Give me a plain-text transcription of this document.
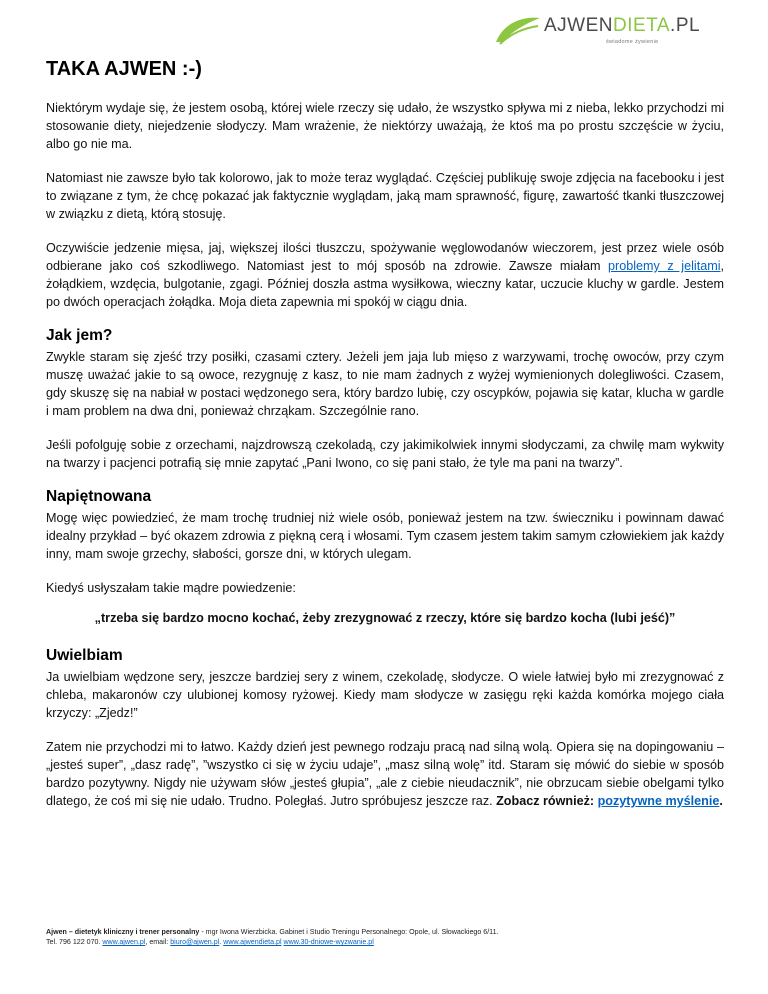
AJWENDIETA.PL
świadome żywienie
TAKA AJWEN :-)

Niektórym wydaje się, że jestem osobą, której wiele rzeczy się udało, że wszystko spływa mi z nieba, lekko przychodzi mi stosowanie diety, niejedzenie słodyczy. Mam wrażenie, że niektórzy uważają, że ktoś ma po prostu szczęście w życiu, albo go nie ma.

Natomiast nie zawsze było tak kolorowo, jak to może teraz wyglądać. Częściej publikuję swoje zdjęcia na facebooku i jest to związane z tym, że chcę pokazać jak faktycznie wyglądam, jaką mam sprawność, figurę, zawartość tkanki tłuszczowej w związku z dietą, którą stosuję.

Oczywiście jedzenie mięsa, jaj, większej ilości tłuszczu, spożywanie węglowodanów wieczorem, jest przez wiele osób odbierane jako coś szkodliwego. Natomiast jest to mój sposób na zdrowie. Zawsze miałam problemy z jelitami, żołądkiem, wzdęcia, bulgotanie, zgagi. Później doszła astma wysiłkowa, wieczny katar, uczucie kluchy w gardle. Jestem po dwóch operacjach żołądka. Moja dieta zapewnia mi spokój w ciągu dnia.

Jak jem?

Zwykle staram się zjeść trzy posiłki, czasami cztery. Jeżeli jem jaja lub mięso z warzywami, trochę owoców, przy czym muszę uważać jakie to są owoce, rezygnuję z kasz, to nie mam żadnych z wyżej wymienionych dolegliwości. Czasem, gdy skuszę się na nabiał w postaci wędzonego sera, który bardzo lubię, czy oscypków, pojawia się katar, klucha w gardle i mam problem na dwa dni, ponieważ chrząkam. Szczególnie rano.

Jeśli pofolguję sobie z orzechami, najzdrowszą czekoladą, czy jakimikolwiek innymi słodyczami, za chwilę mam wykwity na twarzy i pacjenci potrafią się mnie zapytać „Pani Iwono, co się pani stało, że tyle ma pani na twarzy”.

Napiętnowana

Mogę więc powiedzieć, że mam trochę trudniej niż wiele osób, ponieważ jestem na tzw. świeczniku i powinnam dawać idealny przykład – być okazem zdrowia z piękną cerą i włosami. Tym czasem jestem takim samym człowiekiem jak każdy inny, mam swoje grzechy, słabości, gorsze dni, w których ulegam.

Kiedyś usłyszałam takie mądre powiedzenie:

„trzeba się bardzo mocno kochać, żeby zrezygnować z rzeczy, które się bardzo kocha (lubi jeść)”
Uwielbiam

Ja uwielbiam wędzone sery, jeszcze bardziej sery z winem, czekoladę, słodycze. O wiele łatwiej było mi zrezygnować z chleba, makaronów czy ulubionej komosy ryżowej. Kiedy mam słodycze w zasięgu ręki każda komórka mojego ciała krzyczy: „Zjedz!”

Zatem nie przychodzi mi to łatwo. Każdy dzień jest pewnego rodzaju pracą nad silną wolą. Opiera się na dopingowaniu – „jesteś super”, „dasz radę”, ”wszystko ci się w życiu udaje”, „masz silną wolę” itd. Staram się mówić do siebie w sposób bardzo pozytywny. Nigdy nie używam słów „jesteś głupia”, „ale z ciebie nieudacznik”, nie obrzucam siebie obelgami tylko dlatego, że coś mi się nie udało. Trudno. Poległaś. Jutro spróbujesz jeszcze raz. Zobacz również: pozytywne myślenie.

Ajwen – dietetyk kliniczny i trener personalny - mgr Iwona Wierzbicka. Gabinet i Studio Treningu Personalnego: Opole, ul. Słowackiego 6/11.
Tel. 796 122 070. www.ajwen.pl, email: biuro@ajwen.pl. www.ajwendieta.pl www.30-dniowe-wyzwanie.pl
